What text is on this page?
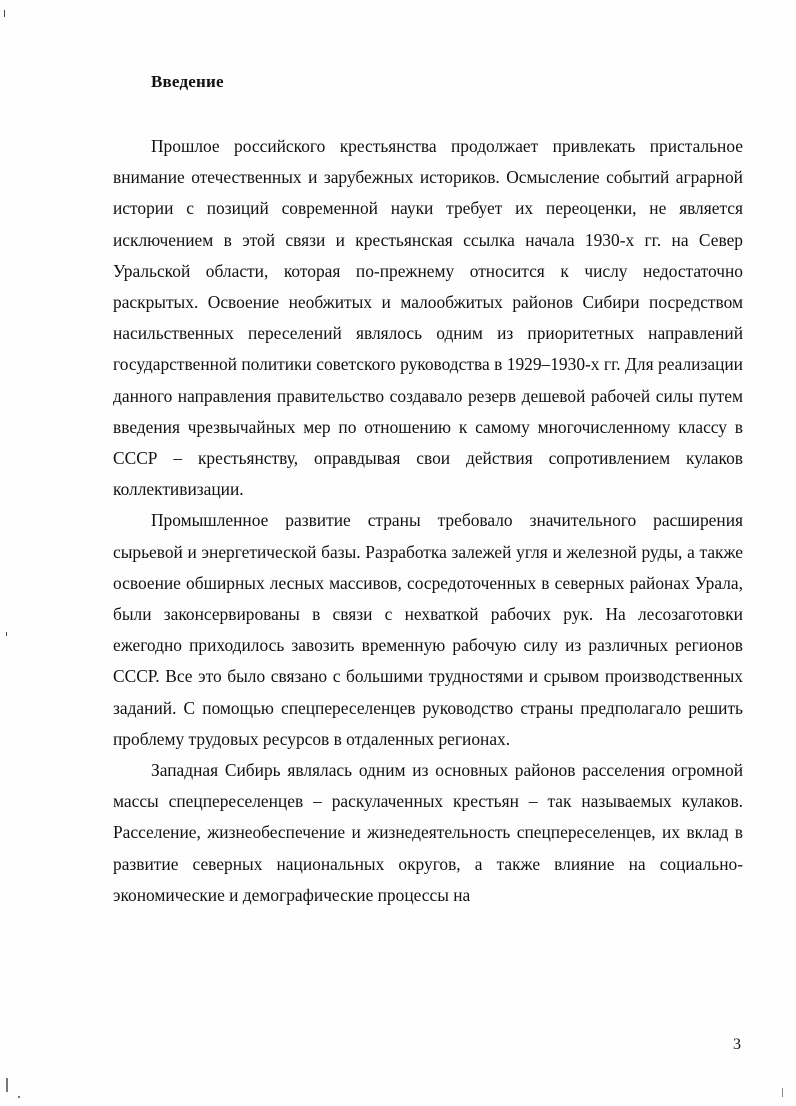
Введение

Прошлое российского крестьянства продолжает привлекать пристальное внимание отечественных и зарубежных историков. Осмысление событий аграрной истории с позиций современной науки требует их переоценки, не является исключением в этой связи и крестьянская ссылка начала 1930-х гг. на Север Уральской области, которая по-прежнему относится к числу недостаточно раскрытых. Освоение необжитых и малообжитых районов Сибири посредством насильственных переселений являлось одним из приоритетных направлений государственной политики советского руководства в 1929–1930-х гг. Для реализации данного направления правительство создавало резерв дешевой рабочей силы путем введения чрезвычайных мер по отношению к самому многочисленному классу в СССР – крестьянству, оправдывая свои действия сопротивлением кулаков коллективизации.

Промышленное развитие страны требовало значительного расширения сырьевой и энергетической базы. Разработка залежей угля и железной руды, а также освоение обширных лесных массивов, сосредоточенных в северных районах Урала, были законсервированы в связи с нехваткой рабочих рук. На лесозаготовки ежегодно приходилось завозить временную рабочую силу из различных регионов СССР. Все это было связано с большими трудностями и срывом производственных заданий. С помощью спецпереселенцев руководство страны предполагало решить проблему трудовых ресурсов в отдаленных регионах.

Западная Сибирь являлась одним из основных районов расселения огромной массы спецпереселенцев – раскулаченных крестьян – так называемых кулаков. Расселение, жизнеобеспечение и жизнедеятельность спецпереселенцев, их вклад в развитие северных национальных округов, а также влияние на социально-экономические и демографические процессы на

3
